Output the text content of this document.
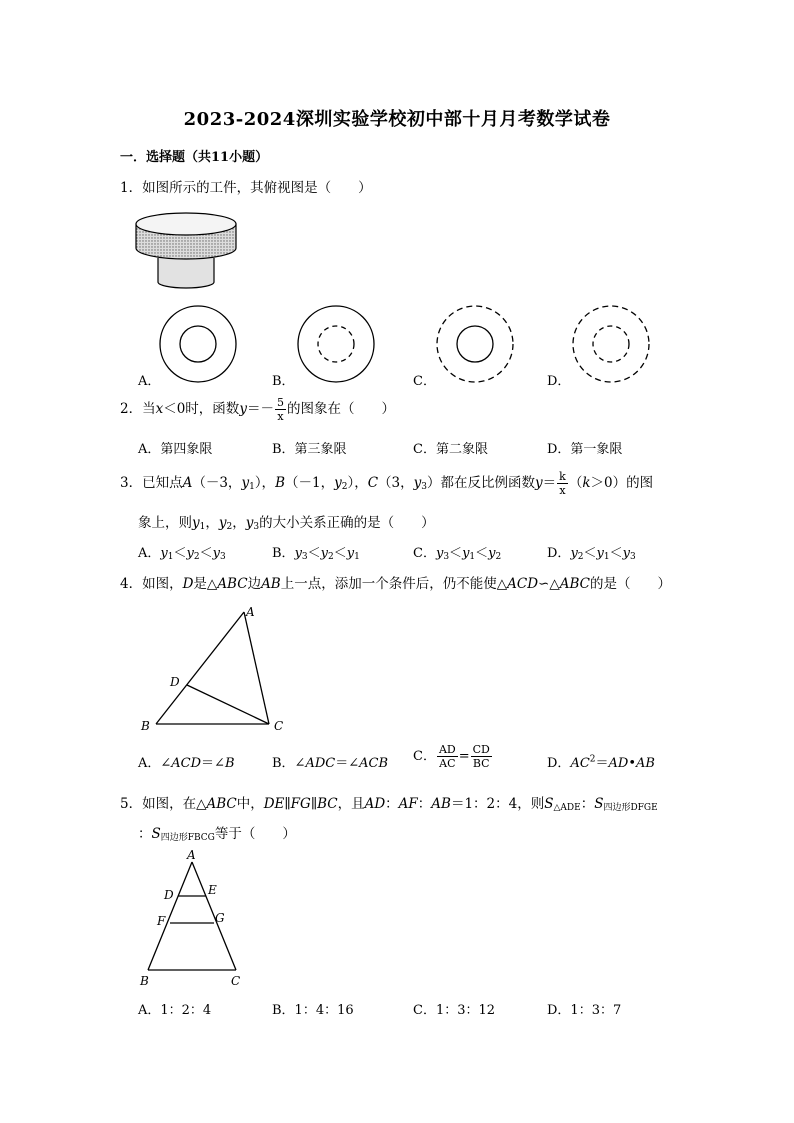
2023-2024深圳实验学校初中部十月月考数学试卷
一．选择题（共11小题）
1．如图所示的工件，其俯视图是（　　）
A．	B．	C．	D．
2．当x＜0时，函数$y=- \frac{5}{x}$ 的图象在（　　）
A．第四象限	B．第三象限	C．第二象限	D．第一象限
3．已知点A（－3，$y_1$），B（－1，$y_2$），C（3，$y_3$）都在反比例函数$y= \frac{k}{x} (k>0)$的图
象上，则$y_1$，$y_2$，$y_3$的大小关系正确的是（　　）
A．$y_1<y_2<y_3$	B．$y_3<y_2<y_1$	C．$y_3<y_1<y_2$	D．$y_2<y_1<y_3$
4．如图，D是△ABC边AB上一点，添加一个条件后，仍不能使△ACD∽△ABC的是（　　）
A
B	C
D
A．∠ACD＝∠B	B．∠ADC＝∠ACB C． $\frac{AD}{AC} = \frac{CD}{BC}$	D．$AC^2=AD•AB$
5．如图，在△ABC中，DE∥FG∥BC，且AD：AF：AB＝1：2：4，则$S_{\triangle ADE}$：$S_{四边形DFGE}$
：$S_{四边形FBCG}$等于（　　）
A
D	E
F	G
B	C
A．1：2：4	B．1：4：16	C．1：3：12	D．1：3：7
